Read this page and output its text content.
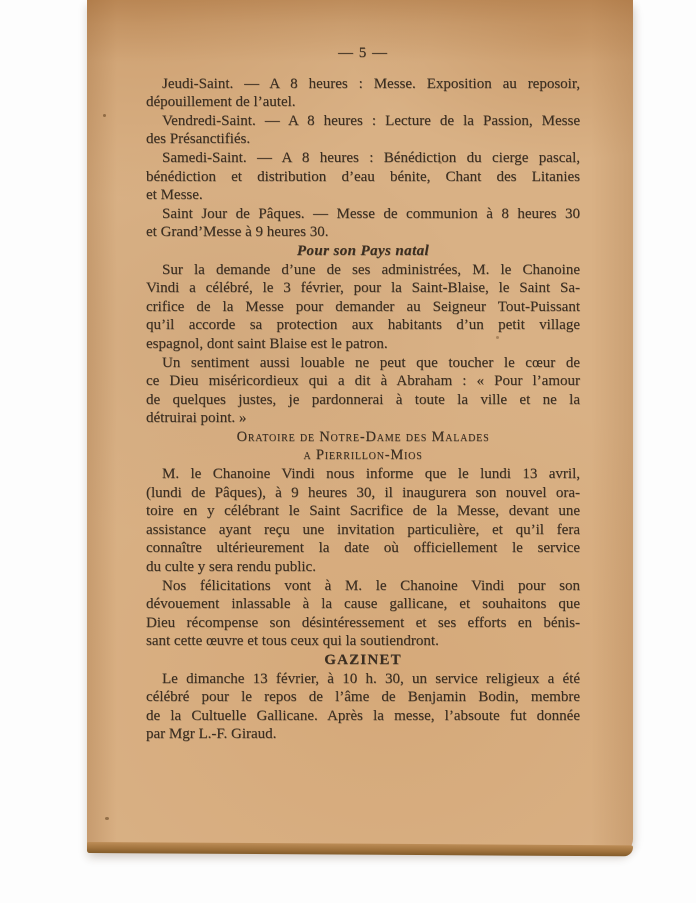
— 5 —
Jeudi-Saint. — A 8 heures : Messe. Exposition au reposoir,
dépouillement de l’autel.
Vendredi-Saint. — A 8 heures : Lecture de la Passion, Messe
des Présanctifiés.
Samedi-Saint. — A 8 heures : Bénédiction du cierge pascal,
bénédiction et distribution d’eau bénite, Chant des Litanies
et Messe.
Saint Jour de Pâques. — Messe de communion à 8 heures 30
et Grand’Messe à 9 heures 30.
Pour son Pays natal
Sur la demande d’une de ses administrées, M. le Chanoine
Vindi a célébré, le 3 février, pour la Saint-Blaise, le Saint Sa-
crifice de la Messe pour demander au Seigneur Tout-Puissant
qu’il accorde sa protection aux habitants d’un petit village
espagnol, dont saint Blaise est le patron.
Un sentiment aussi louable ne peut que toucher le cœur de
ce Dieu miséricordieux qui a dit à Abraham : « Pour l’amour
de quelques justes, je pardonnerai à toute la ville et ne la
détruirai point. »
Oratoire de Notre-Dame des Malades
a Pierrillon-Mios
M. le Chanoine Vindi nous informe que le lundi 13 avril,
(lundi de Pâques), à 9 heures 30, il inaugurera son nouvel ora-
toire en y célébrant le Saint Sacrifice de la Messe, devant une
assistance ayant reçu une invitation particulière, et qu’il fera
connaître ultérieurement la date où officiellement le service
du culte y sera rendu public.
Nos félicitations vont à M. le Chanoine Vindi pour son
dévouement inlassable à la cause gallicane, et souhaitons que
Dieu récompense son désintéressement et ses efforts en bénis-
sant cette œuvre et tous ceux qui la soutiendront.
GAZINET
Le dimanche 13 février, à 10 h. 30, un service religieux a été
célébré pour le repos de l’âme de Benjamin Bodin, membre
de la Cultuelle Gallicane. Après la messe, l’absoute fut donnée
par Mgr L.-F. Giraud.
